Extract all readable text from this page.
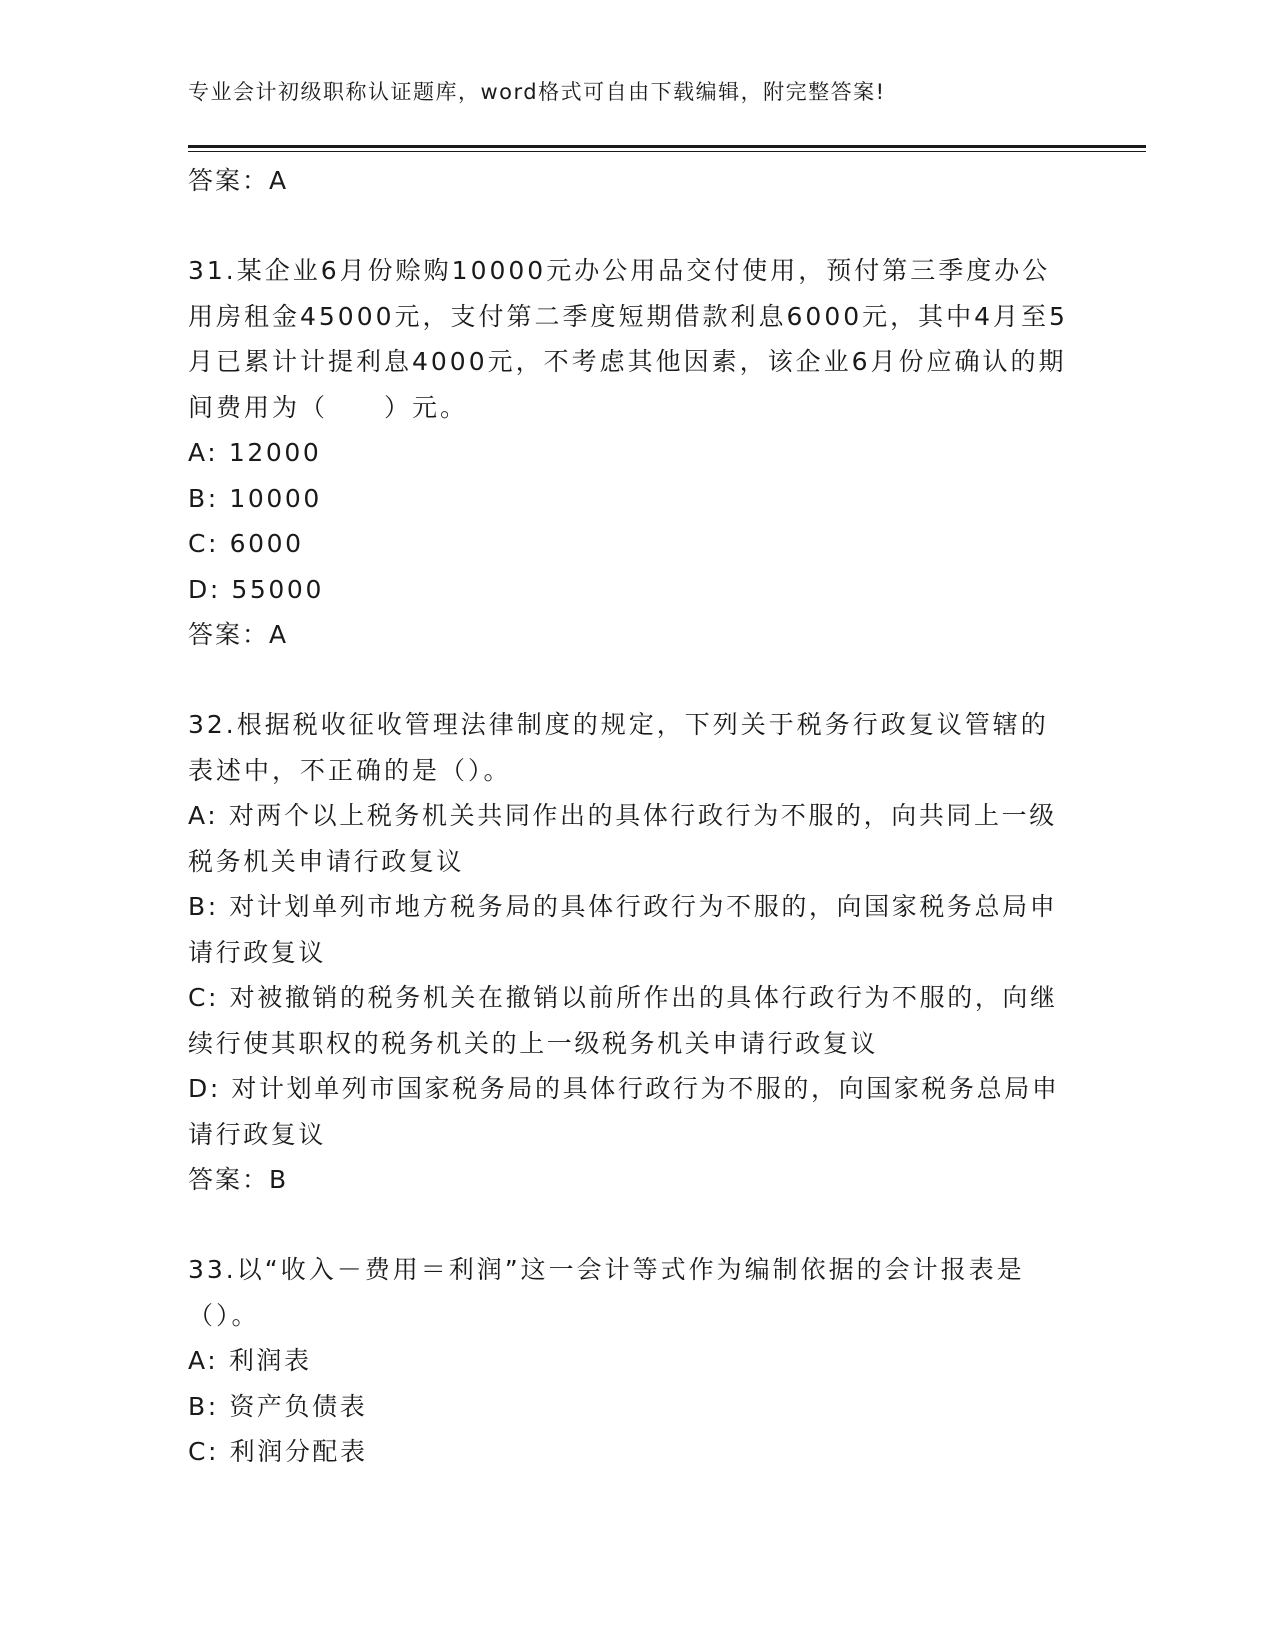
专业会计初级职称认证题库，word格式可自由下载编辑，附完整答案!
答案：A
31.某企业6月份赊购10000元办公用品交付使用，预付第三季度办公用房租金45000元，支付第二季度短期借款利息6000元，其中4月至5月已累计计提利息4000元，不考虑其他因素，该企业6月份应确认的期间费用为（　　）元。
A: 12000
B: 10000
C: 6000
D: 55000
答案：A
32.根据税收征收管理法律制度的规定，下列关于税务行政复议管辖的表述中，不正确的是（）。
A: 对两个以上税务机关共同作出的具体行政行为不服的，向共同上一级税务机关申请行政复议
B: 对计划单列市地方税务局的具体行政行为不服的，向国家税务总局申请行政复议
C: 对被撤销的税务机关在撤销以前所作出的具体行政行为不服的，向继续行使其职权的税务机关的上一级税务机关申请行政复议
D: 对计划单列市国家税务局的具体行政行为不服的，向国家税务总局申请行政复议
答案：B
33.以“收入－费用＝利润”这一会计等式作为编制依据的会计报表是（）。
A: 利润表
B: 资产负债表
C: 利润分配表
